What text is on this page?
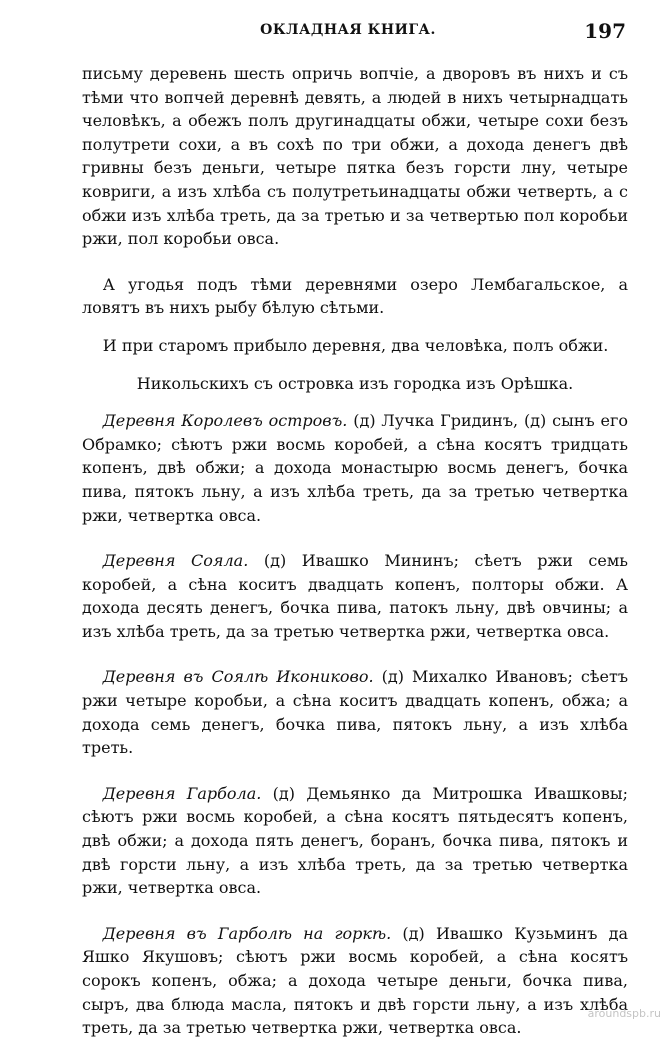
ОКЛАДНАЯ КНИГА.	197

письму деревень шесть опричь вопчіе, а дворовъ въ нихъ и съ тѣми что вопчей деревнѣ девять, а людей в нихъ четырнадцать человѣкъ, а обежъ полъ другинадцаты обжи, четыре сохи безъ полутрети сохи, а въ сохѣ по три обжи, а дохода денегъ двѣ гривны безъ деньги, четыре пятка безъ горсти лну, четыре ковриги, а изъ хлѣба съ полутретьинадцаты обжи четверть, а с обжи изъ хлѣба треть, да за третью и за четвертью пол коробьи ржи, пол коробьи овса.

А угодья подъ тѣми деревнями озеро Лембагальское, а ловятъ въ нихъ рыбу бѣлую сѣтьми.

И при старомъ прибыло деревня, два человѣка, полъ обжи.

Никольскихъ съ островка изъ городка изъ Орѣшка.

Деревня Королевъ островъ. (д) Лучка Гридинъ, (д) сынъ его Обрамко; сѣютъ ржи восмь коробей, а сѣна косятъ тридцать копенъ, двѣ обжи; а дохода монастырю восмь денегъ, бочка пива, пятокъ льну, а изъ хлѣба треть, да за третью четвертка ржи, четвертка овса.

Деревня Сояла. (д) Ивашко Мининъ; сѣетъ ржи семь коробей, а сѣна коситъ двадцать копенъ, полторы обжи. А дохода десять денегъ, бочка пива, патокъ льну, двѣ овчины; а изъ хлѣба треть, да за третью четвертка ржи, четвертка овса.

Деревня въ Соялѣ Икониково. (д) Михалко Ивановъ; сѣетъ ржи четыре коробьи, а сѣна коситъ двадцать копенъ, обжа; а дохода семь денегъ, бочка пива, пятокъ льну, а изъ хлѣба треть.

Деревня Гарбола. (д) Демьянко да Митрошка Ивашковы; сѣютъ ржи восмь коробей, а сѣна косятъ пятьдесятъ копенъ, двѣ обжи; а дохода пять денегъ, боранъ, бочка пива, пятокъ и двѣ горсти льну, а изъ хлѣба треть, да за третью четвертка ржи, четвертка овса.

Деревня въ Гарболѣ на горкѣ. (д) Ивашко Кузьминъ да Яшко Якушовъ; сѣютъ ржи восмь коробей, а сѣна косятъ сорокъ копенъ, обжа; а дохода четыре деньги, бочка пива, сыръ, два блюда масла, пятокъ и двѣ горсти льну, а изъ хлѣба треть, да за третью четвертка ржи, четвертка овса.

aroundspb.ru
